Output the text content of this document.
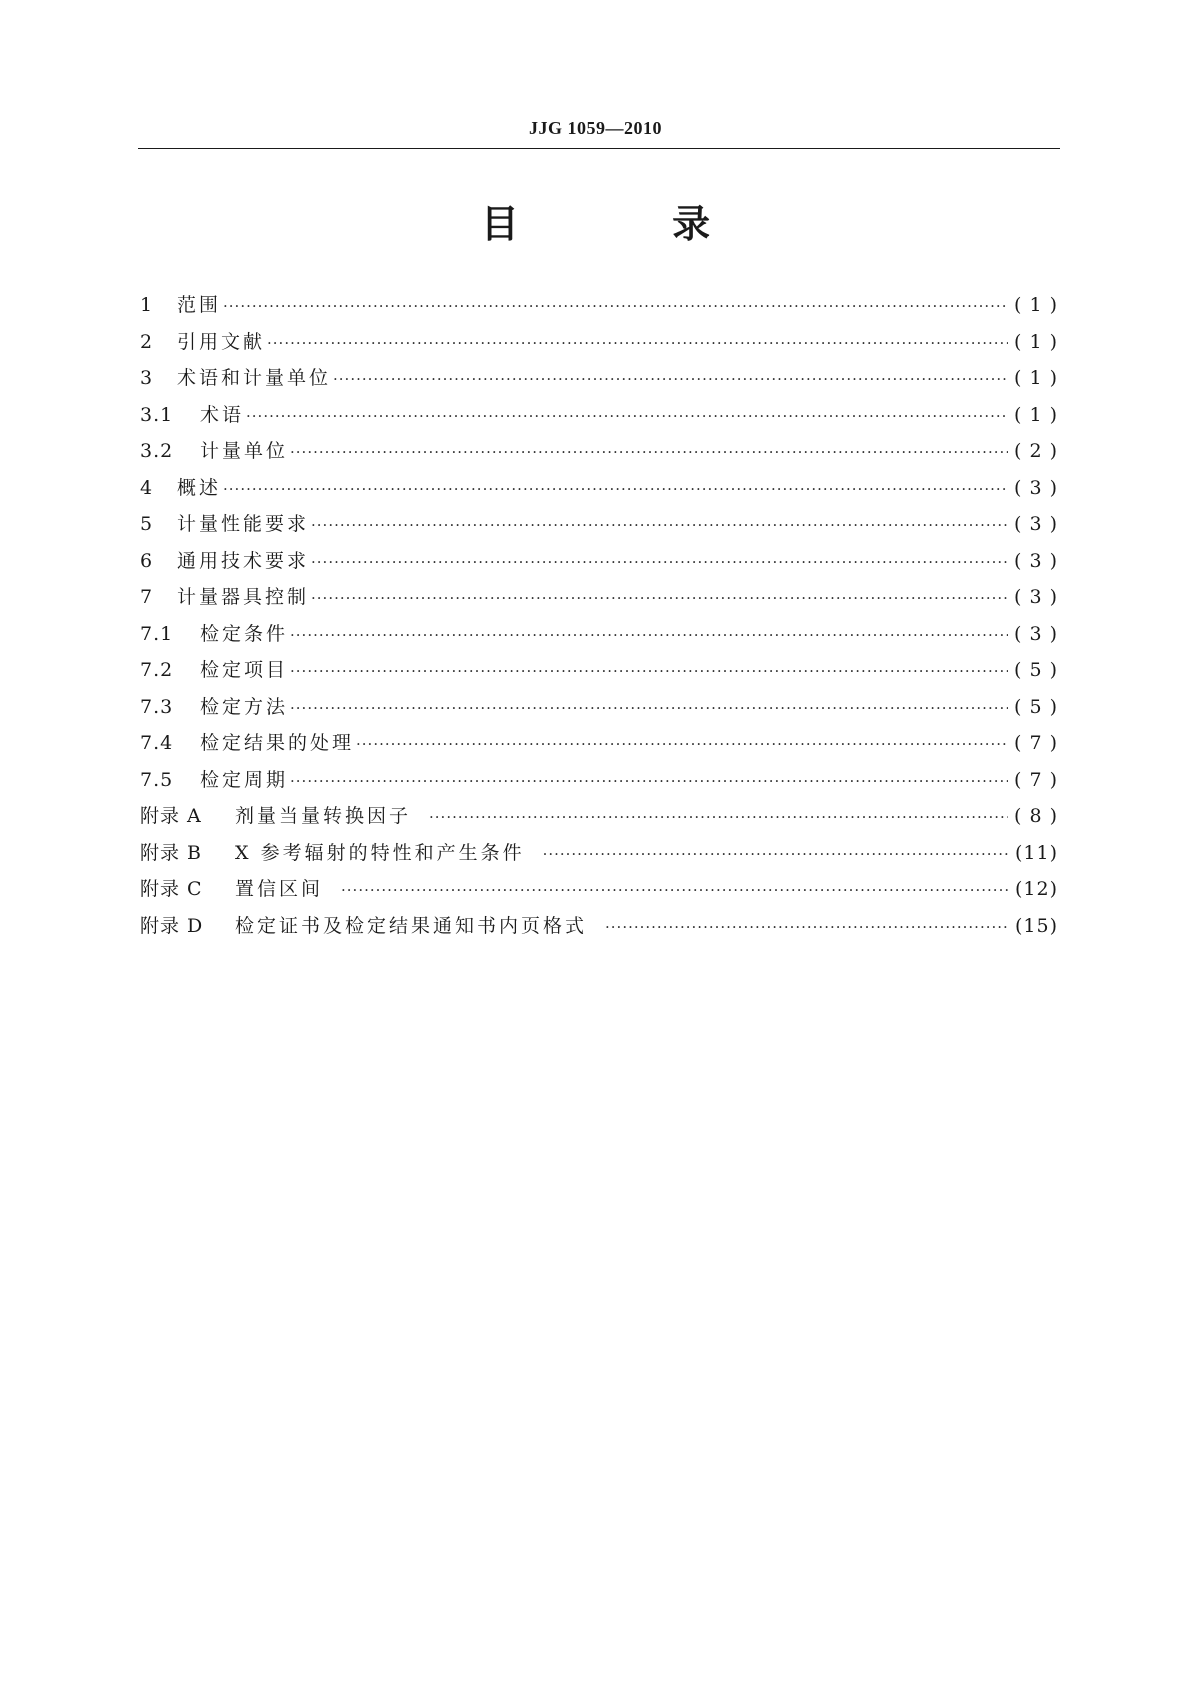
JJG 1059—2010
目 录
1	范围 ·····	( 1 )
2	引用文献 ·····	( 1 )
3	术语和计量单位 ·····	( 1 )
3.1	术语 ·····	( 1 )
3.2	计量单位 ·····	( 2 )
4	概述 ·····	( 3 )
5	计量性能要求 ·····	( 3 )
6	通用技术要求 ·····	( 3 )
7	计量器具控制 ·····	( 3 )
7.1	检定条件 ·····	( 3 )
7.2	检定项目 ·····	( 5 )
7.3	检定方法 ·····	( 5 )
7.4	检定结果的处理 ·····	( 7 )
7.5	检定周期 ·····	( 7 )
附录 A	剂量当量转换因子 ·····	( 8 )
附录 B	X 参考辐射的特性和产生条件 ·····	(11)
附录 C	置信区间 ·····	(12)
附录 D	检定证书及检定结果通知书内页格式 ·····	(15)
